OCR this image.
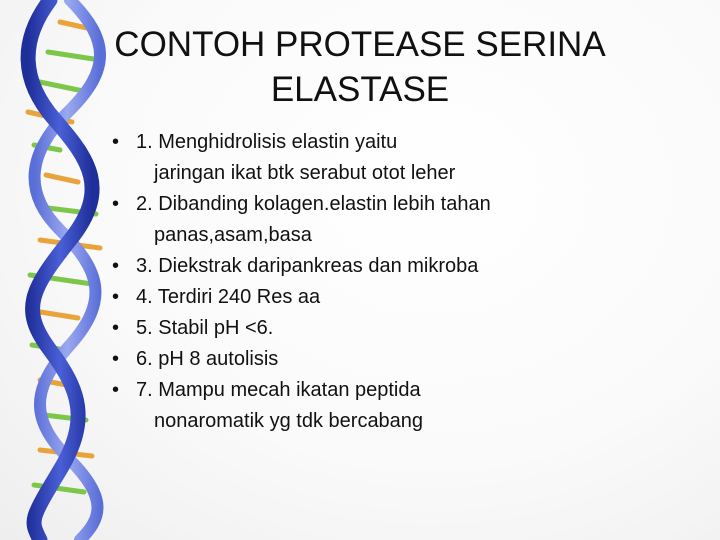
CONTOH PROTEASE SERINA
ELASTASE
• 1. Menghidrolisis elastin yaitu
jaringan ikat btk serabut otot leher
• 2. Dibanding kolagen.elastin lebih tahan
panas,asam,basa
• 3. Diekstrak daripankreas dan mikroba
• 4. Terdiri 240 Res aa
• 5. Stabil pH <6.
• 6. pH 8 autolisis
• 7. Mampu mecah ikatan peptida
nonaromatik yg tdk bercabang
